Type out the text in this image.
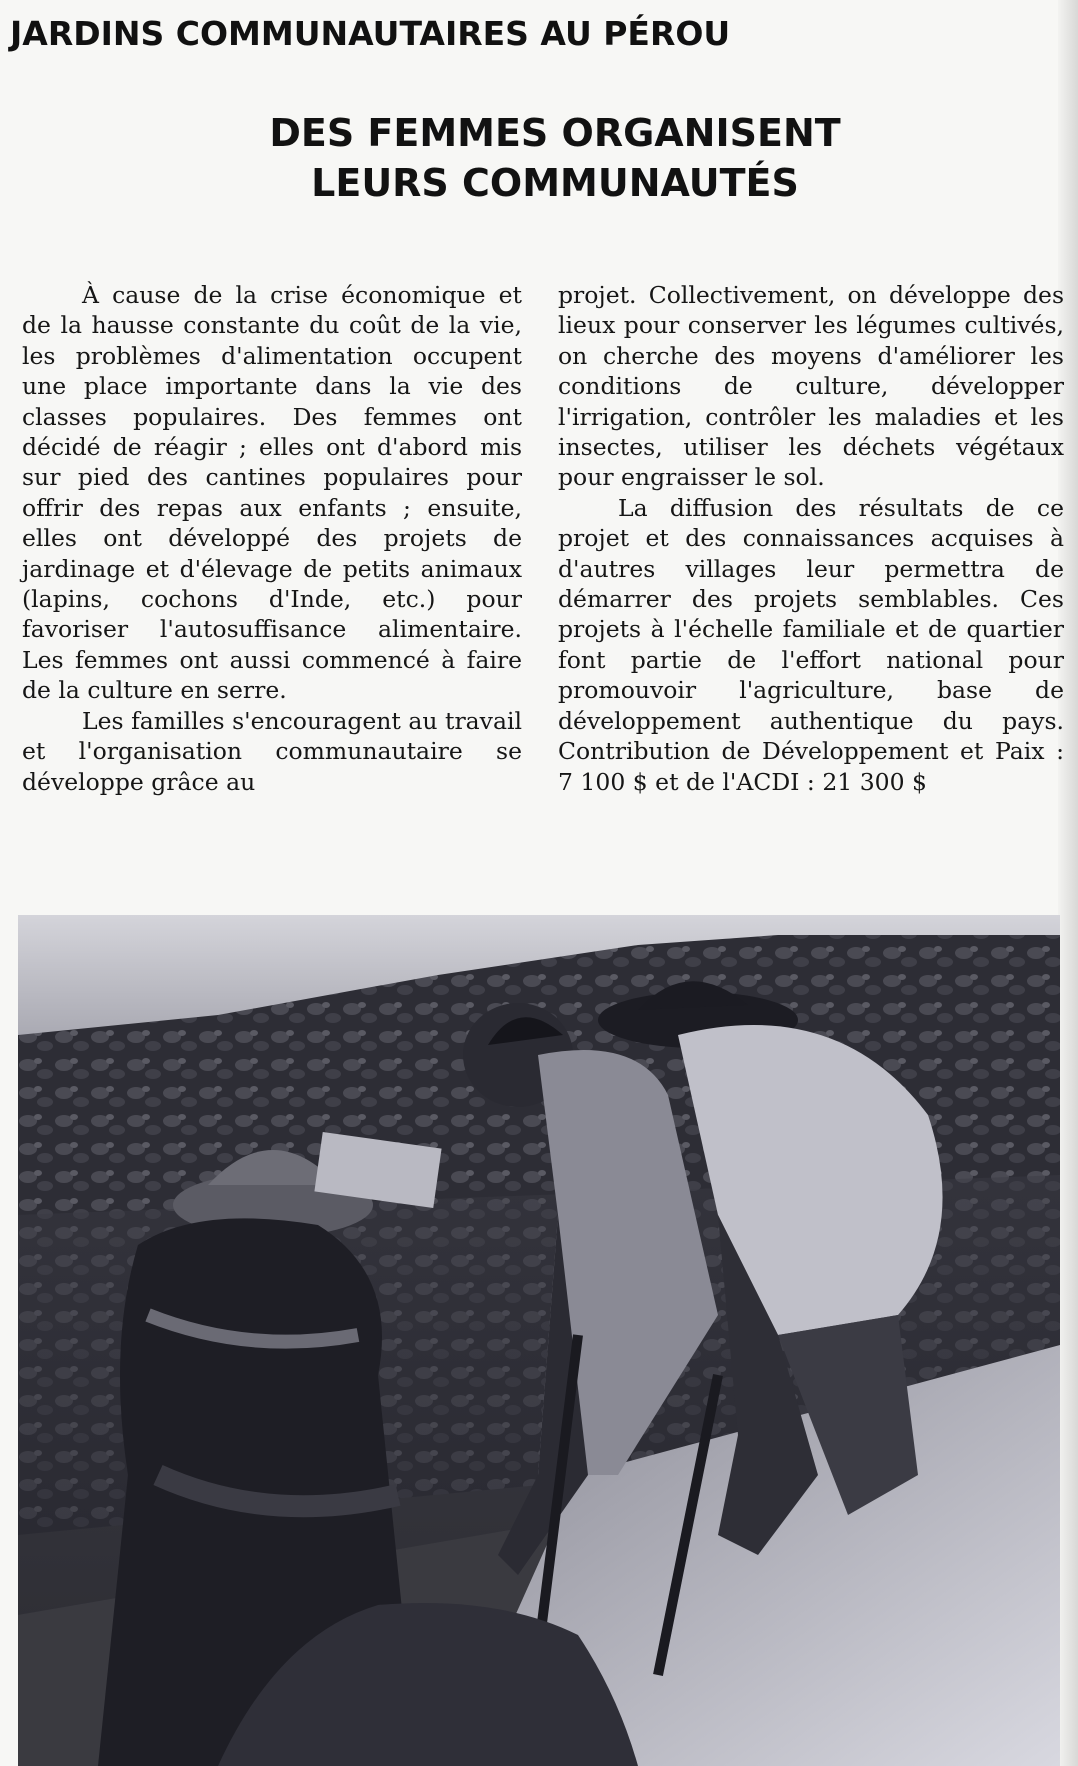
JARDINS COMMUNAUTAIRES AU PÉROU
DES FEMMES ORGANISENT
LEURS COMMUNAUTÉS

À cause de la crise économique et de la hausse constante du coût de la vie, les problèmes d'alimentation occupent une place importante dans la vie des classes populaires. Des femmes ont décidé de réagir ; elles ont d'abord mis sur pied des cantines populaires pour offrir des repas aux enfants ; ensuite, elles ont développé des projets de jardinage et d'élevage de petits animaux (lapins, cochons d'Inde, etc.) pour favoriser l'autosuffisance alimentaire. Les femmes ont aussi commencé à faire de la culture en serre.

Les familles s'encouragent au travail et l'organisation communautaire se développe grâce au

projet. Collectivement, on développe des lieux pour conserver les légumes cultivés, on cherche des moyens d'améliorer les conditions de culture, développer l'irrigation, contrôler les maladies et les insectes, utiliser les déchets végétaux pour engraisser le sol.

La diffusion des résultats de ce projet et des connaissances acquises à d'autres villages leur permettra de démarrer des projets semblables. Ces projets à l'échelle familiale et de quartier font partie de l'effort national pour promouvoir l'agriculture, base de développement authentique du pays. Contribution de Développement et Paix : 7 100 $ et de l'ACDI : 21 300 $
